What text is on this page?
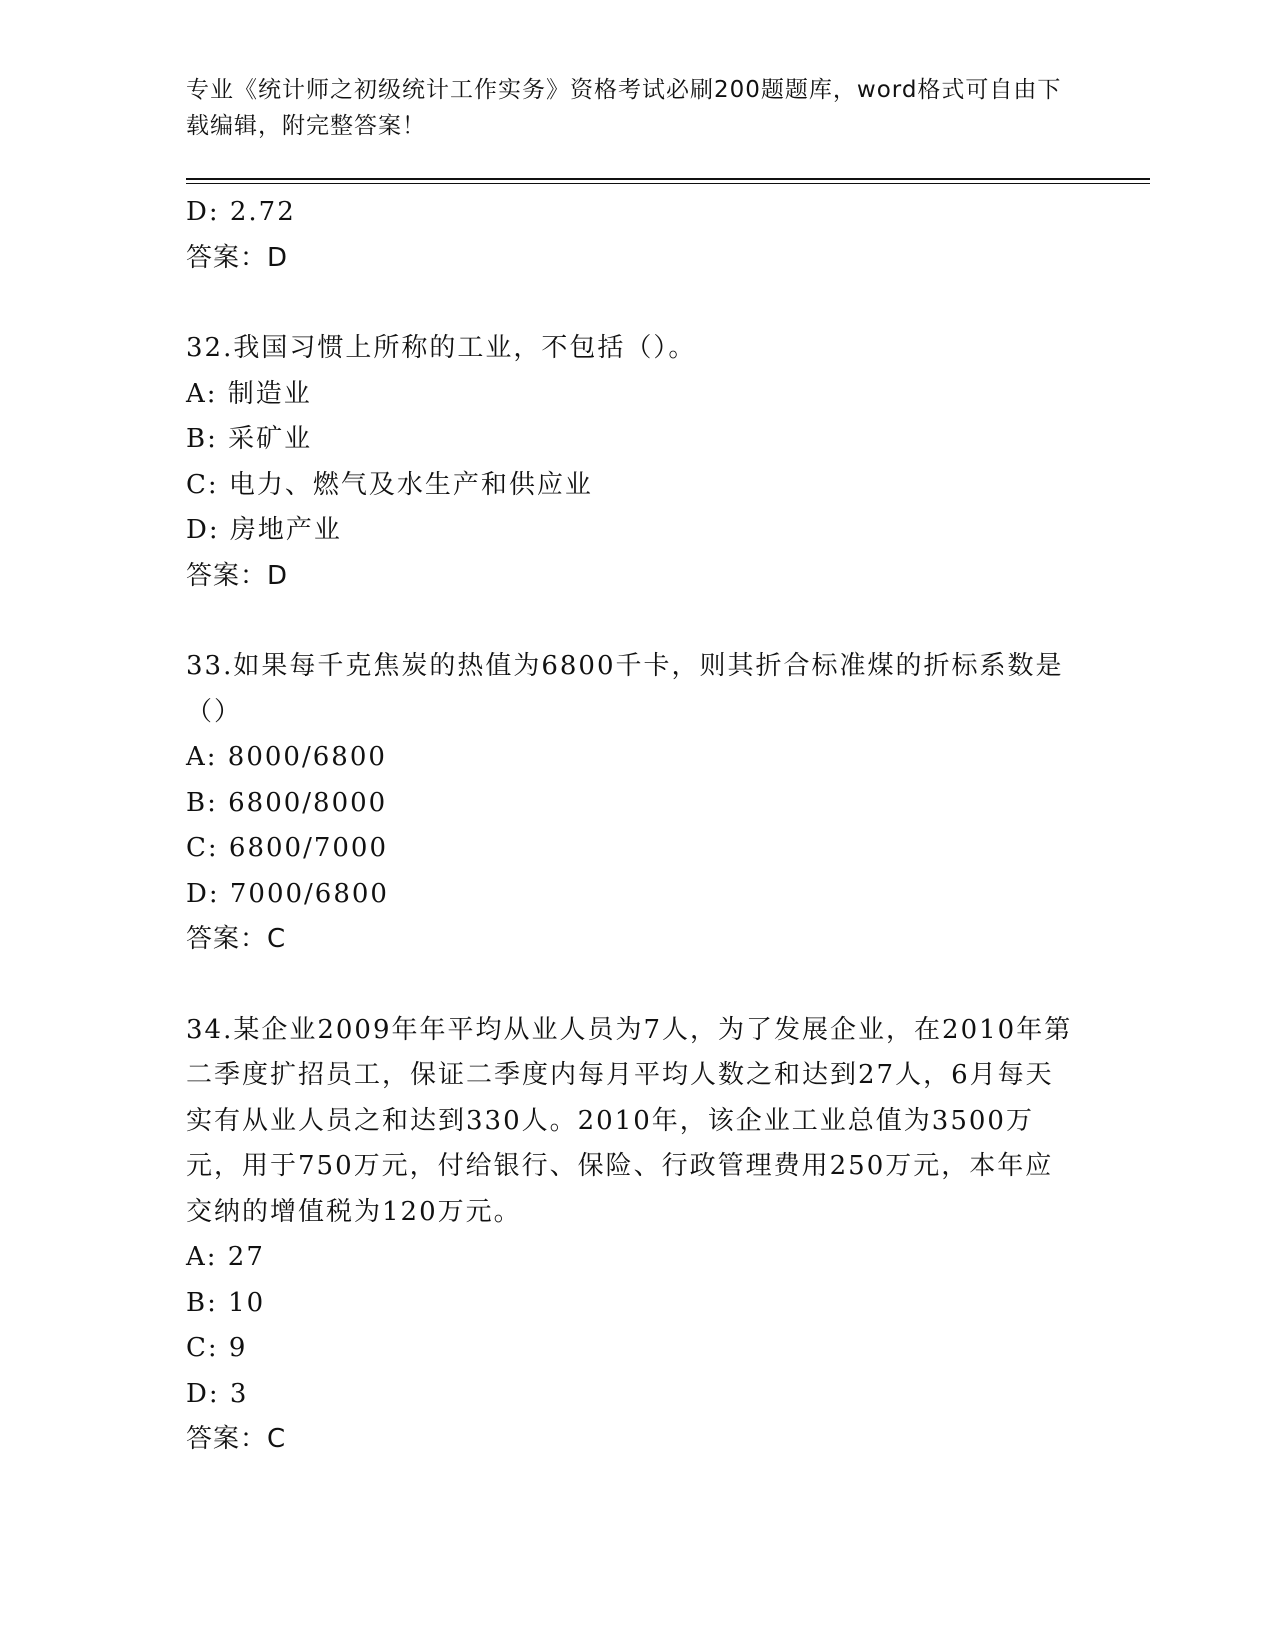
专业《统计师之初级统计工作实务》资格考试必刷200题题库，word格式可自由下载编辑，附完整答案！
D: 2.72
答案：D
32.我国习惯上所称的工业，不包括（）。
A: 制造业
B: 采矿业
C: 电力、燃气及水生产和供应业
D: 房地产业
答案：D
33.如果每千克焦炭的热值为6800千卡，则其折合标准煤的折标系数是（）
A: 8000/6800
B: 6800/8000
C: 6800/7000
D: 7000/6800
答案：C
34.某企业2009年年平均从业人员为7人，为了发展企业，在2010年第二季度扩招员工，保证二季度内每月平均人数之和达到27人，6月每天实有从业人员之和达到330人。2010年，该企业工业总值为3500万元，用于750万元，付给银行、保险、行政管理费用250万元，本年应交纳的增值税为120万元。
A: 27
B: 10
C: 9
D: 3
答案：C
